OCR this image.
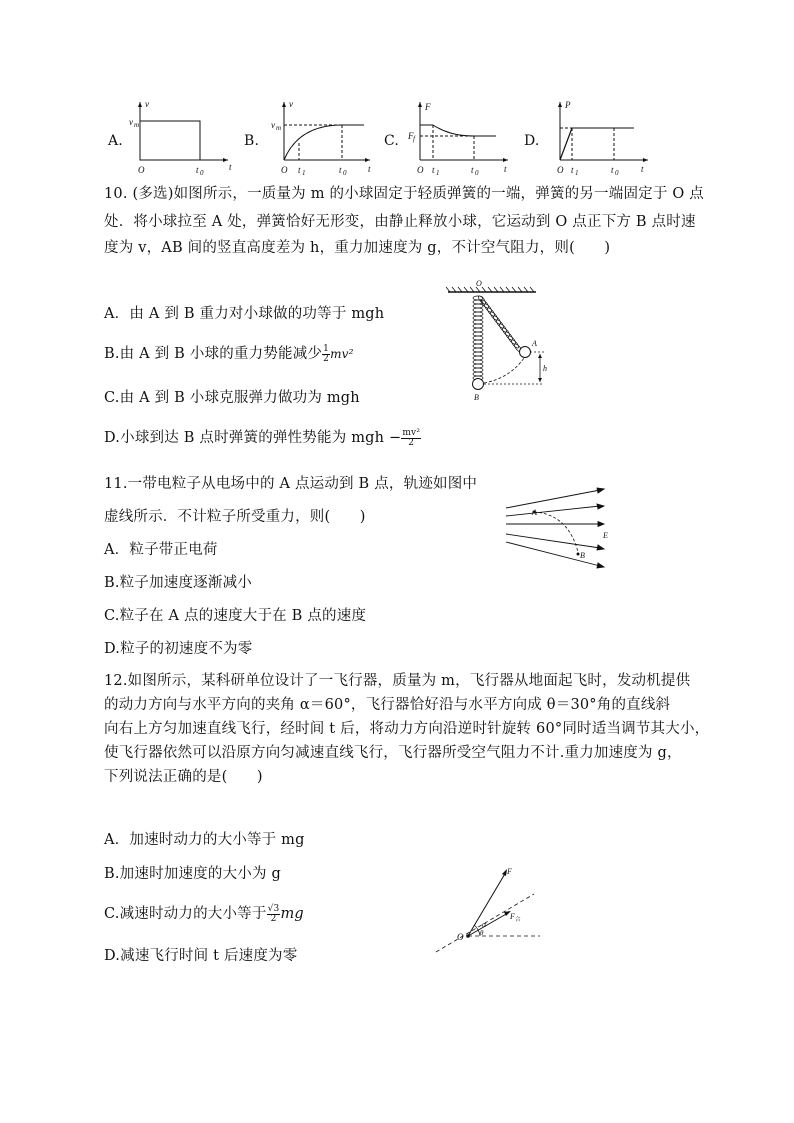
A.
v
v m
O	t 0
t
B.
v
v m
O t 1	t 0 t
C.
F
F f
O t 1	t 0	t
D.
P
O t 1	t 0	t
10. (多选)如图所示，一质量为 m 的小球固定于轻质弹簧的一端，弹簧的另一端固定于 O 点
处．将小球拉至 A 处，弹簧恰好无形变，由静止释放小球，它运动到 O 点正下方 B 点时速
度为 v，AB 间的竖直高度差为 h，重力加速度为 g，不计空气阻力，则(　　)
A．由 A 到 B 重力对小球做的功等于 mgh
B.由 A 到 B 小球的重力势能减少 $\frac{1}{2} mv^2$
C.由 A 到 B 小球克服弹力做功为 mgh
D.小球到达 B 点时弹簧的弹性势能为 mgh − $\frac{\text{mv²}}{2}$
O
A
h
B
11.一带电粒子从电场中的 A 点运动到 B 点，轨迹如图中
虚线所示．不计粒子所受重力，则(　　)
A．粒子带正电荷
B.粒子加速度逐渐减小
C.粒子在 A 点的速度大于在 B 点的速度
D.粒子的初速度不为零
A
B
E
12.如图所示，某科研单位设计了一飞行器，质量为 m，飞行器从地面起飞时，发动机提供
的动力方向与水平方向的夹角 α＝60°，飞行器恰好沿与水平方向成 θ＝30°角的直线斜
向右上方匀加速直线飞行，经时间 t 后，将动力方向沿逆时针旋转 60°同时适当调节其大小，
使飞行器依然可以沿原方向匀减速直线飞行，飞行器所受空气阻力不计.重力加速度为 g，
下列说法正确的是(　　)
A．加速时动力的大小等于 mg
B.加速时加速度的大小为 g
C.减速时动力的大小等于 $\frac{√3}{2}$ mg
D.减速飞行时间 t 后速度为零
O
F
F 合
α
θ
